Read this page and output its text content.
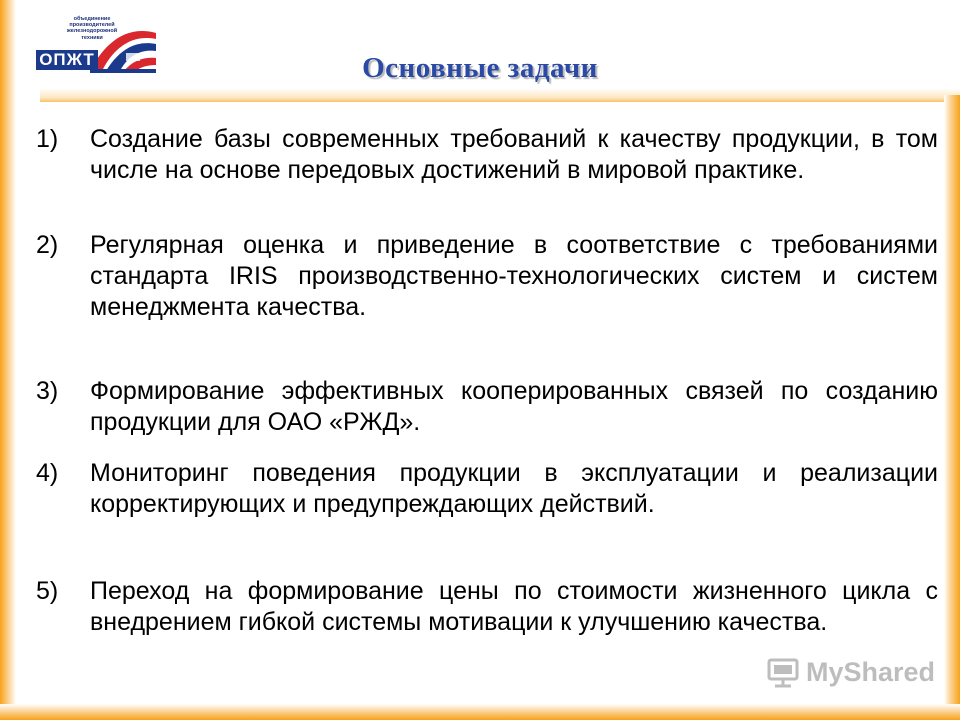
объединение производителей железнодорожной техники
ОПЖТ	Основные задачи
1) Создание базы современных требований к качеству продукции, в том числе на основе передовых достижений в мировой практике.
2) Регулярная оценка и приведение в соответствие с требованиями стандарта IRIS производственно-технологических систем и систем менеджмента качества.
3) Формирование эффективных кооперированных связей по созданию продукции для ОАО «РЖД».
4) Мониторинг поведения продукции в эксплуатации и реализации корректирующих и предупреждающих действий.
5) Переход на формирование цены по стоимости жизненного цикла с внедрением гибкой системы мотивации к улучшению качества.
MyShared
